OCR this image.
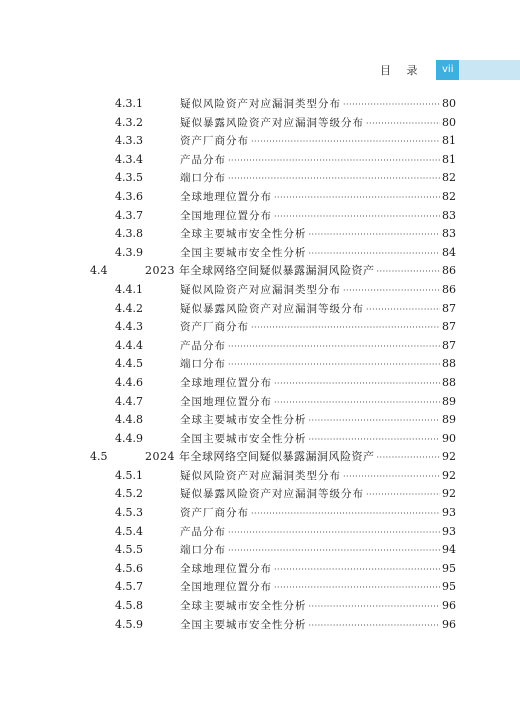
目 录	vii
4.3.1	疑似风险资产对应漏洞类型分布 ·····	80
4.3.2	疑似暴露风险资产对应漏洞等级分布 ·····	80
4.3.3	资产厂商分布 ·····	81
4.3.4	产品分布 ·····	81
4.3.5	端口分布 ·····	82
4.3.6	全球地理位置分布 ·····	82
4.3.7	全国地理位置分布 ·····	83
4.3.8	全球主要城市安全性分析 ·····	83
4.3.9	全国主要城市安全性分析 ·····	84
4.4	2023 年全球网络空间疑似暴露漏洞风险资产 ·····	86
4.4.1	疑似风险资产对应漏洞类型分布 ·····	86
4.4.2	疑似暴露风险资产对应漏洞等级分布 ·····	87
4.4.3	资产厂商分布 ·····	87
4.4.4	产品分布 ·····	87
4.4.5	端口分布 ·····	88
4.4.6	全球地理位置分布 ·····	88
4.4.7	全国地理位置分布 ·····	89
4.4.8	全球主要城市安全性分析 ·····	89
4.4.9	全国主要城市安全性分析 ·····	90
4.5	2024 年全球网络空间疑似暴露漏洞风险资产 ·····	92
4.5.1	疑似风险资产对应漏洞类型分布 ·····	92
4.5.2	疑似暴露风险资产对应漏洞等级分布 ·····	92
4.5.3	资产厂商分布 ·····	93
4.5.4	产品分布 ·····	93
4.5.5	端口分布 ·····	94
4.5.6	全球地理位置分布 ·····	95
4.5.7	全国地理位置分布 ·····	95
4.5.8	全球主要城市安全性分析 ·····	96
4.5.9	全国主要城市安全性分析 ·····	96
